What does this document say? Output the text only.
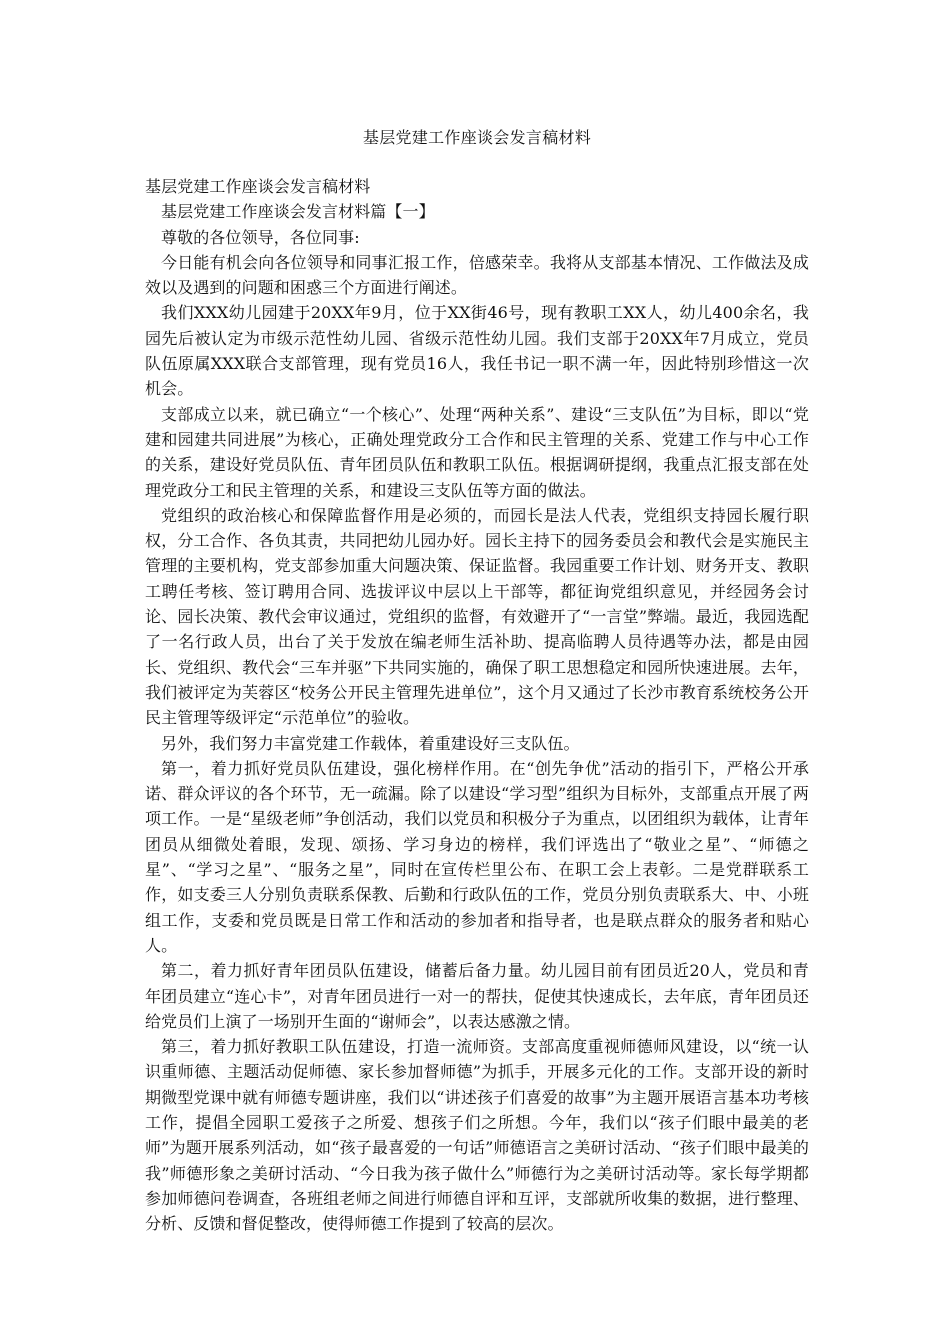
基层党建工作座谈会发言稿材料

基层党建工作座谈会发言稿材料

基层党建工作座谈会发言材料篇【一】

尊敬的各位领导，各位同事:

今日能有机会向各位领导和同事汇报工作，倍感荣幸。我将从支部基本情况、工作做法及成效以及遇到的问题和困惑三个方面进行阐述。

我们XXX幼儿园建于20XX年9月，位于XX街46号，现有教职工XX人，幼儿400余名，我园先后被认定为市级示范性幼儿园、省级示范性幼儿园。我们支部于20XX年7月成立，党员队伍原属XXX联合支部管理，现有党员16人，我任书记一职不满一年，因此特别珍惜这一次机会。

支部成立以来，就已确立“一个核心”、处理“两种关系”、建设“三支队伍”为目标，即以“党建和园建共同进展”为核心，正确处理党政分工合作和民主管理的关系、党建工作与中心工作的关系，建设好党员队伍、青年团员队伍和教职工队伍。根据调研提纲，我重点汇报支部在处理党政分工和民主管理的关系，和建设三支队伍等方面的做法。

党组织的政治核心和保障监督作用是必须的，而园长是法人代表，党组织支持园长履行职权，分工合作、各负其责，共同把幼儿园办好。园长主持下的园务委员会和教代会是实施民主管理的主要机构，党支部参加重大问题决策、保证监督。我园重要工作计划、财务开支、教职工聘任考核、签订聘用合同、选拔评议中层以上干部等，都征询党组织意见，并经园务会讨论、园长决策、教代会审议通过，党组织的监督，有效避开了“一言堂”弊端。最近，我园选配了一名行政人员，出台了关于发放在编老师生活补助、提高临聘人员待遇等办法，都是由园长、党组织、教代会“三车并驱”下共同实施的，确保了职工思想稳定和园所快速进展。去年，我们被评定为芙蓉区“校务公开民主管理先进单位”，这个月又通过了长沙市教育系统校务公开民主管理等级评定“示范单位”的验收。

另外，我们努力丰富党建工作载体，着重建设好三支队伍。

第一，着力抓好党员队伍建设，强化榜样作用。在“创先争优”活动的指引下，严格公开承诺、群众评议的各个环节，无一疏漏。除了以建设“学习型”组织为目标外，支部重点开展了两项工作。一是“星级老师”争创活动，我们以党员和积极分子为重点，以团组织为载体，让青年团员从细微处着眼，发现、颂扬、学习身边的榜样，我们评选出了“敬业之星”、“师德之星”、“学习之星”、“服务之星”，同时在宣传栏里公布、在职工会上表彰。二是党群联系工作，如支委三人分别负责联系保教、后勤和行政队伍的工作，党员分别负责联系大、中、小班组工作，支委和党员既是日常工作和活动的参加者和指导者，也是联点群众的服务者和贴心人。

第二，着力抓好青年团员队伍建设，储蓄后备力量。幼儿园目前有团员近20人，党员和青年团员建立“连心卡”，对青年团员进行一对一的帮扶，促使其快速成长，去年底，青年团员还给党员们上演了一场别开生面的“谢师会”，以表达感激之情。

第三，着力抓好教职工队伍建设，打造一流师资。支部高度重视师德师风建设，以“统一认识重师德、主题活动促师德、家长参加督师德”为抓手，开展多元化的工作。支部开设的新时期微型党课中就有师德专题讲座，我们以“讲述孩子们喜爱的故事”为主题开展语言基本功考核工作，提倡全园职工爱孩子之所爱、想孩子们之所想。今年，我们以“孩子们眼中最美的老师”为题开展系列活动，如“孩子最喜爱的一句话”师德语言之美研讨活动、“孩子们眼中最美的我”师德形象之美研讨活动、“今日我为孩子做什么”师德行为之美研讨活动等。家长每学期都参加师德问卷调查，各班组老师之间进行师德自评和互评，支部就所收集的数据，进行整理、分析、反馈和督促整改，使得师德工作提到了较高的层次。
